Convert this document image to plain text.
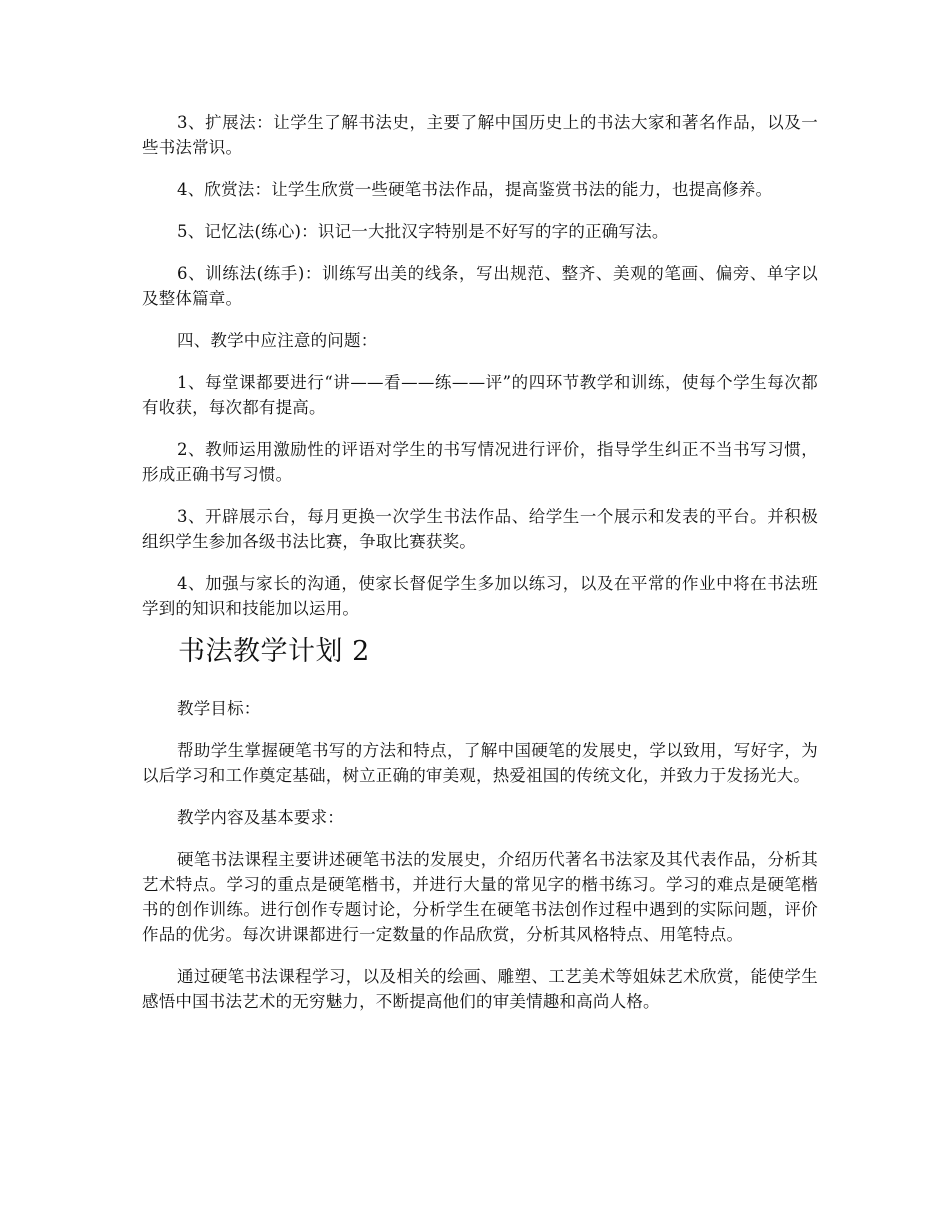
3、扩展法：让学生了解书法史，主要了解中国历史上的书法大家和著名作品，以及一些书法常识。

4、欣赏法：让学生欣赏一些硬笔书法作品，提高鉴赏书法的能力，也提高修养。

5、记忆法(练心)：识记一大批汉字特别是不好写的字的正确写法。

6、训练法(练手)：训练写出美的线条，写出规范、整齐、美观的笔画、偏旁、单字以及整体篇章。

四、教学中应注意的问题：

1、每堂课都要进行“讲——看——练——评”的四环节教学和训练，使每个学生每次都有收获，每次都有提高。

2、教师运用激励性的评语对学生的书写情况进行评价，指导学生纠正不当书写习惯，形成正确书写习惯。

3、开辟展示台，每月更换一次学生书法作品、给学生一个展示和发表的平台。并积极组织学生参加各级书法比赛，争取比赛获奖。

4、加强与家长的沟通，使家长督促学生多加以练习，以及在平常的作业中将在书法班学到的知识和技能加以运用。

书法教学计划 2

教学目标：

帮助学生掌握硬笔书写的方法和特点，了解中国硬笔的发展史，学以致用，写好字，为以后学习和工作奠定基础，树立正确的审美观，热爱祖国的传统文化，并致力于发扬光大。

教学内容及基本要求：

硬笔书法课程主要讲述硬笔书法的发展史，介绍历代著名书法家及其代表作品，分析其艺术特点。学习的重点是硬笔楷书，并进行大量的常见字的楷书练习。学习的难点是硬笔楷书的创作训练。进行创作专题讨论，分析学生在硬笔书法创作过程中遇到的实际问题，评价作品的优劣。每次讲课都进行一定数量的作品欣赏，分析其风格特点、用笔特点。

通过硬笔书法课程学习，以及相关的绘画、雕塑、工艺美术等姐妹艺术欣赏，能使学生感悟中国书法艺术的无穷魅力，不断提高他们的审美情趣和高尚人格。
